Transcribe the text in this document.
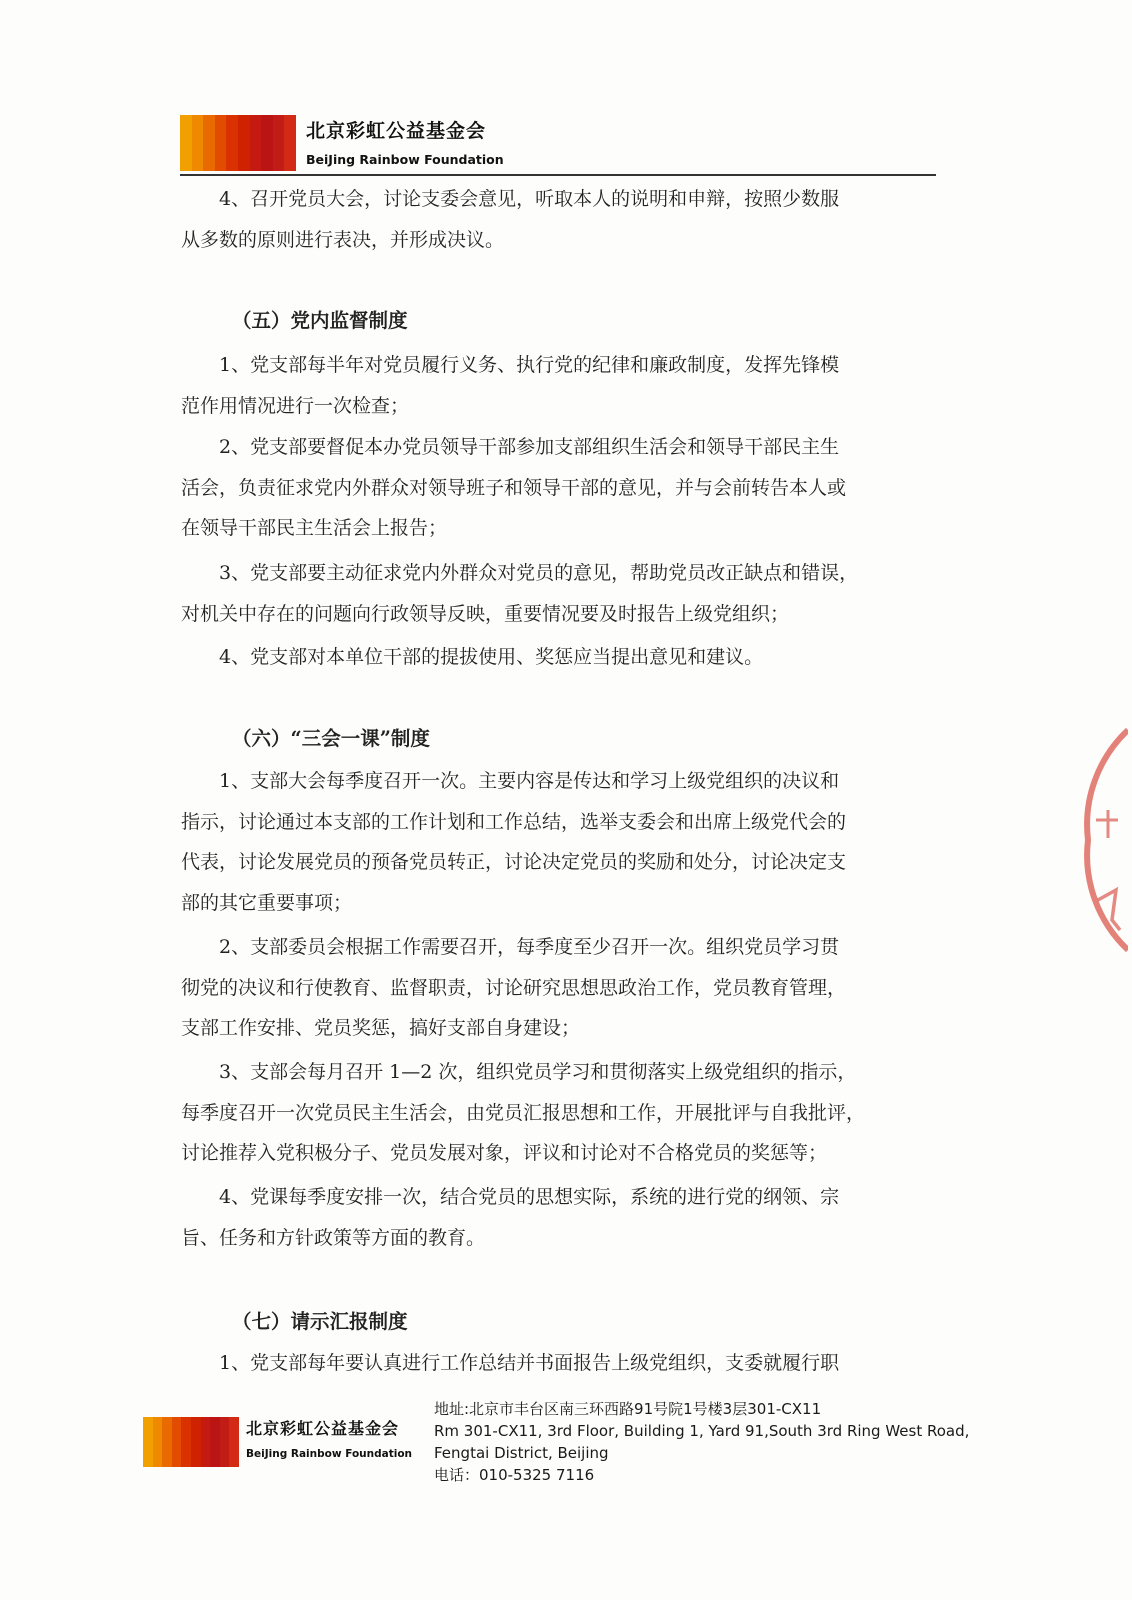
北京彩虹公益基金会
BeiJing Rainbow Foundation

4、召开党员大会，讨论支委会意见，听取本人的说明和申辩，按照少数服
从多数的原则进行表决，并形成决议。

（五）党内监督制度

1、党支部每半年对党员履行义务、执行党的纪律和廉政制度，发挥先锋模
范作用情况进行一次检查；

2、党支部要督促本办党员领导干部参加支部组织生活会和领导干部民主生
活会，负责征求党内外群众对领导班子和领导干部的意见，并与会前转告本人或
在领导干部民主生活会上报告；

3、党支部要主动征求党内外群众对党员的意见，帮助党员改正缺点和错误，
对机关中存在的问题向行政领导反映，重要情况要及时报告上级党组织；

4、党支部对本单位干部的提拔使用、奖惩应当提出意见和建议。

（六）“三会一课”制度

1、支部大会每季度召开一次。主要内容是传达和学习上级党组织的决议和
指示，讨论通过本支部的工作计划和工作总结，选举支委会和出席上级党代会的
代表，讨论发展党员的预备党员转正，讨论决定党员的奖励和处分，讨论决定支
部的其它重要事项；

2、支部委员会根据工作需要召开，每季度至少召开一次。组织党员学习贯
彻党的决议和行使教育、监督职责，讨论研究思想思政治工作，党员教育管理，
支部工作安排、党员奖惩，搞好支部自身建设；

3、支部会每月召开 1—2 次，组织党员学习和贯彻落实上级党组织的指示，
每季度召开一次党员民主生活会，由党员汇报思想和工作，开展批评与自我批评，
讨论推荐入党积极分子、党员发展对象，评议和讨论对不合格党员的奖惩等；

4、党课每季度安排一次，结合党员的思想实际，系统的进行党的纲领、宗
旨、任务和方针政策等方面的教育。

（七）请示汇报制度

1、党支部每年要认真进行工作总结并书面报告上级党组织，支委就履行职

北京彩虹公益基金会
BeiJing Rainbow Foundation
地址:北京市丰台区南三环西路91号院1号楼3层301-CX11
Rm 301-CX11, 3rd Floor, Building 1, Yard 91,South 3rd Ring West Road,
Fengtai District, Beijing
电话：010-5325 7116
